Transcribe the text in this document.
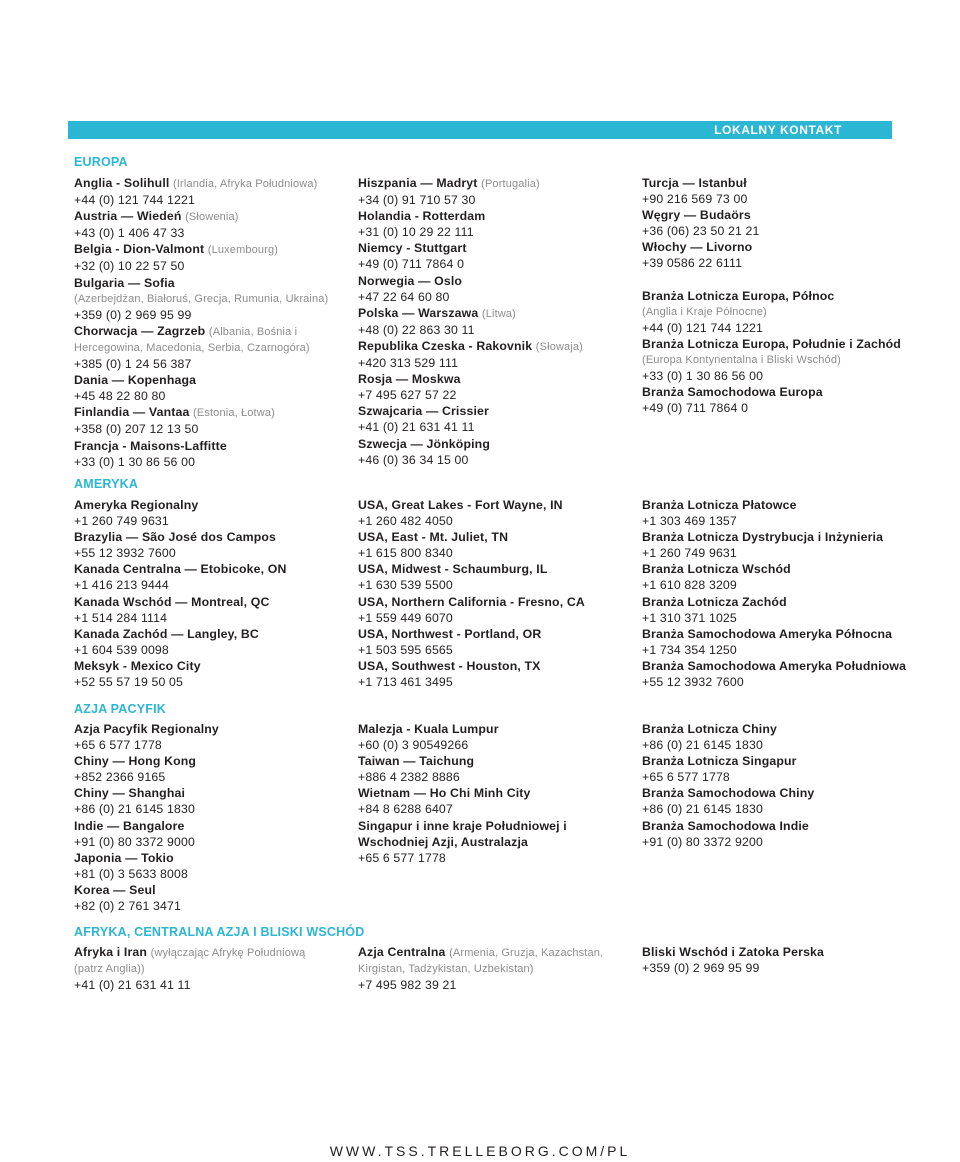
LOKALNY KONTAKT
EUROPA
Anglia - Solihull (Irlandia, Afryka Południowa)
+44 (0) 121 744 1221
Austria — Wiedeń (Słowenia)
+43 (0) 1 406 47 33
Belgia - Dion-Valmont (Luxembourg)
+32 (0) 10 22 57 50
Bulgaria — Sofia
(Azerbejdżan, Białoruś, Grecja, Rumunia, Ukraina)
+359 (0) 2 969 95 99
Chorwacja — Zagrzeb (Albania, Bośnia i
Hercegowina, Macedonia, Serbia, Czarnogóra)
+385 (0) 1 24 56 387
Dania — Kopenhaga
+45 48 22 80 80
Finlandia — Vantaa (Estonia, Łotwa)
+358 (0) 207 12 13 50
Francja - Maisons-Laffitte
+33 (0) 1 30 86 56 00
Hiszpania — Madryt (Portugalia)
+34 (0) 91 710 57 30
Holandia - Rotterdam
+31 (0) 10 29 22 111
Niemcy - Stuttgart
+49 (0) 711 7864 0
Norwegia — Oslo
+47 22 64 60 80
Polska — Warszawa (Litwa)
+48 (0) 22 863 30 11
Republika Czeska - Rakovnik (Słowaja)
+420 313 529 111
Rosja — Moskwa
+7 495 627 57 22
Szwajcaria — Crissier
+41 (0) 21 631 41 11
Szwecja — Jönköping
+46 (0) 36 34 15 00
Turcja — Istanbuł
+90 216 569 73 00
Węgry — Budaörs
+36 (06) 23 50 21 21
Włochy — Livorno
+39 0586 22 6111

Branża Lotnicza Europa, Północ
(Anglia i Kraje Północne)
+44 (0) 121 744 1221
Branża Lotnicza Europa, Południe i Zachód
(Europa Kontynentalna i Bliski Wschód)
+33 (0) 1 30 86 56 00
Branża Samochodowa Europa
+49 (0) 711 7864 0
AMERYKA
Ameryka Regionalny
+1 260 749 9631
Brazylia — São José dos Campos
+55 12 3932 7600
Kanada Centralna — Etobicoke, ON
+1 416 213 9444
Kanada Wschód — Montreal, QC
+1 514 284 1114
Kanada Zachód — Langley, BC
+1 604 539 0098
Meksyk - Mexico City
+52 55 57 19 50 05
USA, Great Lakes - Fort Wayne, IN
+1 260 482 4050
USA, East - Mt. Juliet, TN
+1 615 800 8340
USA, Midwest - Schaumburg, IL
+1 630 539 5500
USA, Northern California - Fresno, CA
+1 559 449 6070
USA, Northwest - Portland, OR
+1 503 595 6565
USA, Southwest - Houston, TX
+1 713 461 3495
Branża Lotnicza Płatowce
+1 303 469 1357
Branża Lotnicza Dystrybucja i Inżynieria
+1 260 749 9631
Branża Lotnicza Wschód
+1 610 828 3209
Branża Lotnicza Zachód
+1 310 371 1025
Branża Samochodowa Ameryka Północna
+1 734 354 1250
Branża Samochodowa Ameryka Południowa
+55 12 3932 7600
AZJA PACYFIK
Azja Pacyfik Regionalny
+65 6 577 1778
Chiny — Hong Kong
+852 2366 9165
Chiny — Shanghai
+86 (0) 21 6145 1830
Indie — Bangalore
+91 (0) 80 3372 9000
Japonia — Tokio
+81 (0) 3 5633 8008
Korea — Seul
+82 (0) 2 761 3471
Malezja - Kuala Lumpur
+60 (0) 3 90549266
Taiwan — Taichung
+886 4 2382 8886
Wietnam — Ho Chi Minh City
+84 8 6288 6407
Singapur i inne kraje Południowej i
Wschodniej Azji, Australazja
+65 6 577 1778
Branża Lotnicza Chiny
+86 (0) 21 6145 1830
Branża Lotnicza Singapur
+65 6 577 1778
Branża Samochodowa Chiny
+86 (0) 21 6145 1830
Branża Samochodowa Indie
+91 (0) 80 3372 9200
AFRYKA, CENTRALNA AZJA I BLISKI WSCHÓD
Afryka i Iran (wyłączając Afrykę Południową
(patrz Anglia))
+41 (0) 21 631 41 11
Azja Centralna (Armenia, Gruzja, Kazachstan,
Kirgistan, Tadżykistan, Uzbekistan)
+7 495 982 39 21
Bliski Wschód i Zatoka Perska
+359 (0) 2 969 95 99
WWW.TSS.TRELLEBORG.COM/PL
